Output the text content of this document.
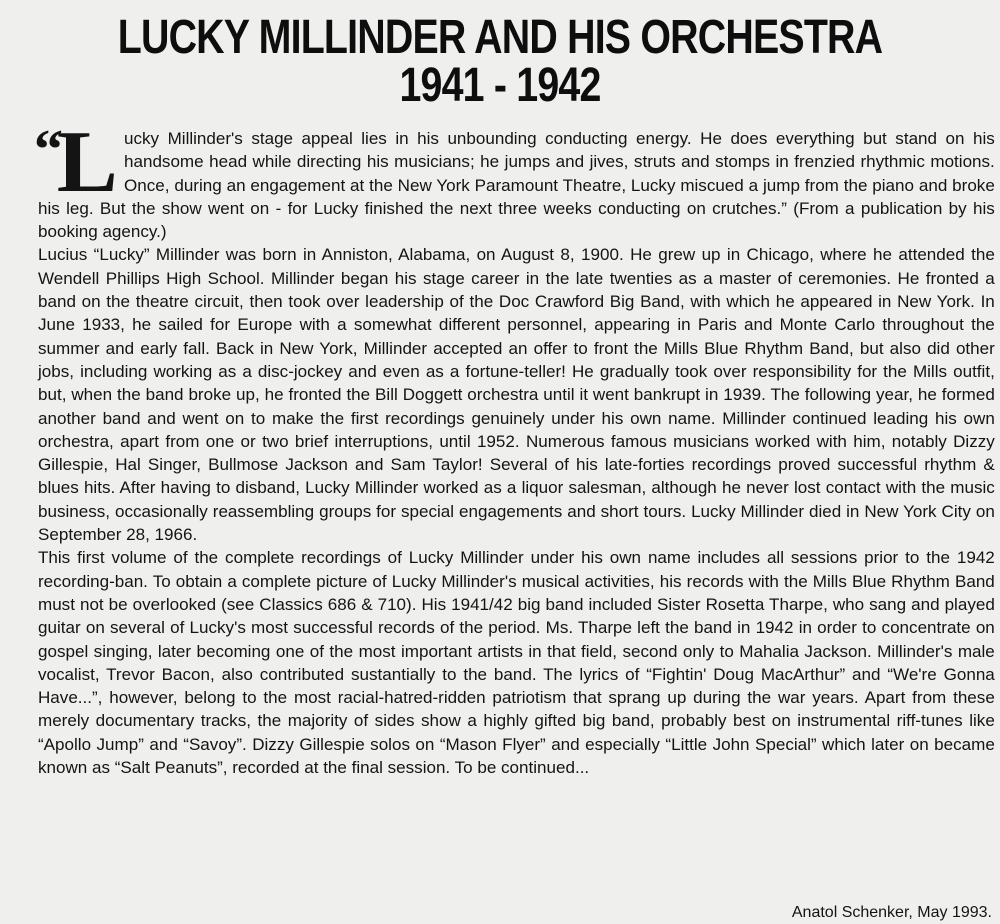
LUCKY MILLINDER AND HIS ORCHESTRA
1941 - 1942

“ L ucky Millinder's stage appeal lies in his unbounding conducting energy. He does everything but stand on his handsome head while directing his musicians; he jumps and jives, struts and stomps in frenzied rhythmic motions. Once, during an engagement at the New York Paramount Theatre, Lucky miscued a jump from the piano and broke his leg. But the show went on - for Lucky finished the next three weeks conducting on crutches.” (From a publication by his booking agency.)

Lucius “Lucky” Millinder was born in Anniston, Alabama, on August 8, 1900. He grew up in Chicago, where he attended the Wendell Phillips High School. Millinder began his stage career in the late twenties as a master of ceremonies. He fronted a band on the theatre circuit, then took over leadership of the Doc Crawford Big Band, with which he appeared in New York. In June 1933, he sailed for Europe with a somewhat different personnel, appearing in Paris and Monte Carlo throughout the summer and early fall. Back in New York, Millinder accepted an offer to front the Mills Blue Rhythm Band, but also did other jobs, including working as a disc-jockey and even as a fortune-teller! He gradually took over responsibility for the Mills outfit, but, when the band broke up, he fronted the Bill Doggett orchestra until it went bankrupt in 1939. The following year, he formed another band and went on to make the first recordings genuinely under his own name. Millinder continued leading his own orchestra, apart from one or two brief interruptions, until 1952. Numerous famous musicians worked with him, notably Dizzy Gillespie, Hal Singer, Bullmose Jackson and Sam Taylor! Several of his late-forties recordings proved successful rhythm & blues hits. After having to disband, Lucky Millinder worked as a liquor salesman, although he never lost contact with the music business, occasionally reassembling groups for special engagements and short tours. Lucky Millinder died in New York City on September 28, 1966.

This first volume of the complete recordings of Lucky Millinder under his own name includes all sessions prior to the 1942 recording-ban. To obtain a complete picture of Lucky Millinder's musical activities, his records with the Mills Blue Rhythm Band must not be overlooked (see Classics 686 & 710). His 1941/42 big band included Sister Rosetta Tharpe, who sang and played guitar on several of Lucky's most successful records of the period. Ms. Tharpe left the band in 1942 in order to concentrate on gospel singing, later becoming one of the most important artists in that field, second only to Mahalia Jackson. Millinder's male vocalist, Trevor Bacon, also contributed sustantially to the band. The lyrics of “Fightin' Doug MacArthur” and “We're Gonna Have...”, however, belong to the most racial-hatred-ridden patriotism that sprang up during the war years. Apart from these merely documentary tracks, the majority of sides show a highly gifted big band, probably best on instrumental riff-tunes like “Apollo Jump” and “Savoy”. Dizzy Gillespie solos on “Mason Flyer” and especially “Little John Special” which later on became known as “Salt Peanuts”, recorded at the final session. To be continued...

Anatol Schenker, May 1993.
